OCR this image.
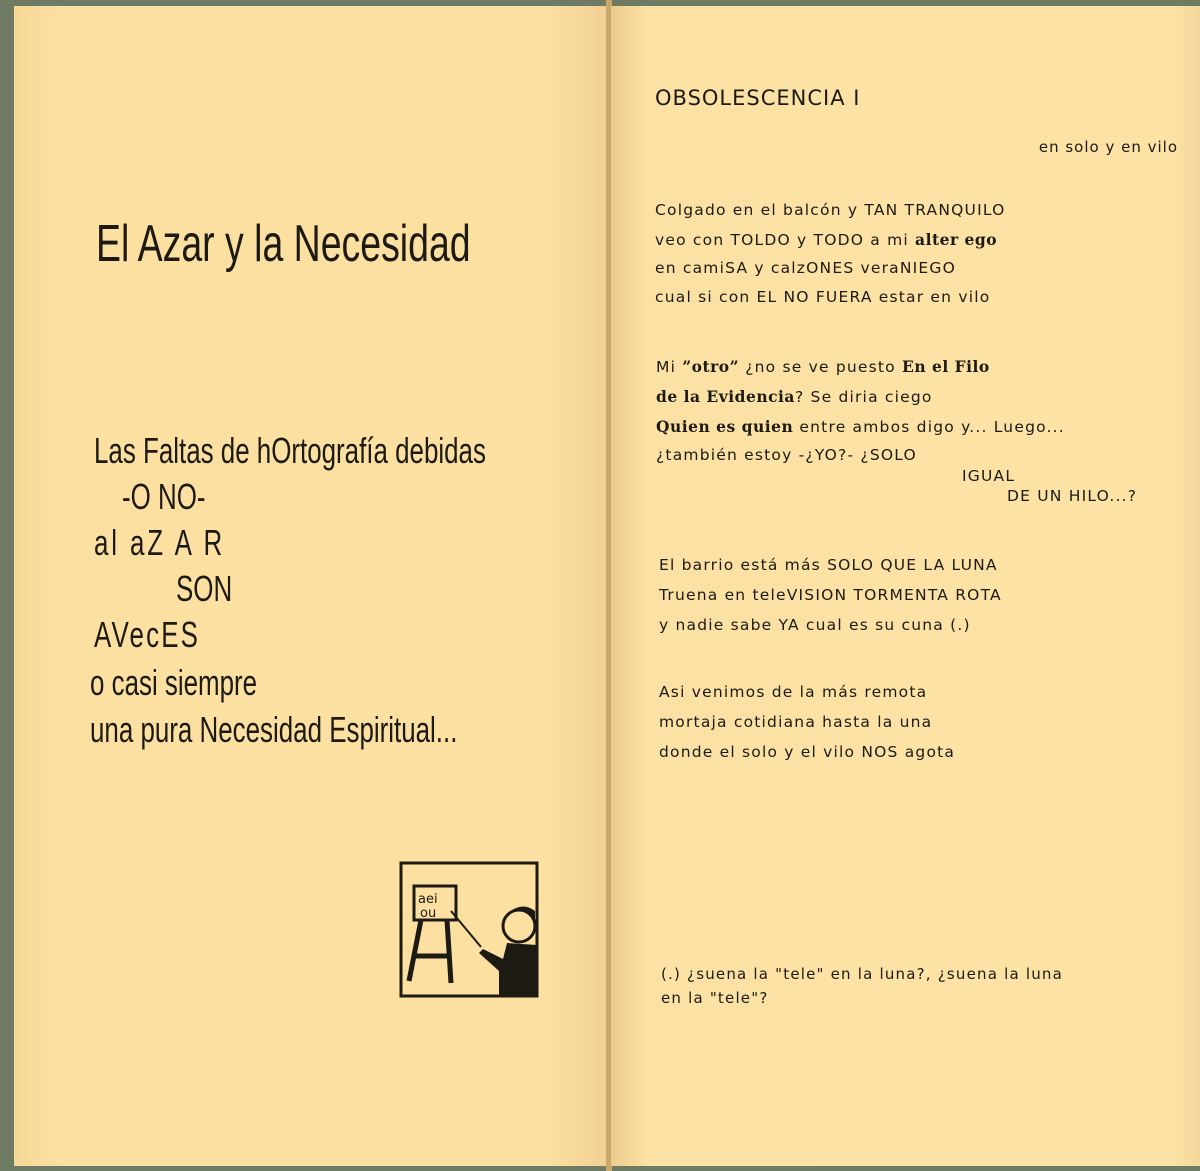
El Azar y la Necesidad
Las Faltas de hOrtografía debidas
-O NO-
al aZ A R
SON
AVecES
o casi siempre
una pura Necesidad Espiritual...
aei
ou
OBSOLESCENCIA I
en solo y en vilo
Colgado en el balcón y TAN TRANQUILO
veo con TOLDO y TODO a mi alter ego
en camiSA y calzONES veraNIEGO
cual si con EL NO FUERA estar en vilo
Mi ”otro” ¿no se ve puesto En el Filo
de la Evidencia? Se diria ciego
Quien es quien entre ambos digo y... Luego...
¿también estoy -¿YO?- ¿SOLO
IGUAL
DE UN HILO...?
El barrio está más SOLO QUE LA LUNA
Truena en teleVISION TORMENTA ROTA
y nadie sabe YA cual es su cuna (.)
Asi venimos de la más remota
mortaja cotidiana hasta la una
donde el solo y el vilo NOS agota
(.) ¿suena la "tele" en la luna?, ¿suena la luna
en la "tele"?
